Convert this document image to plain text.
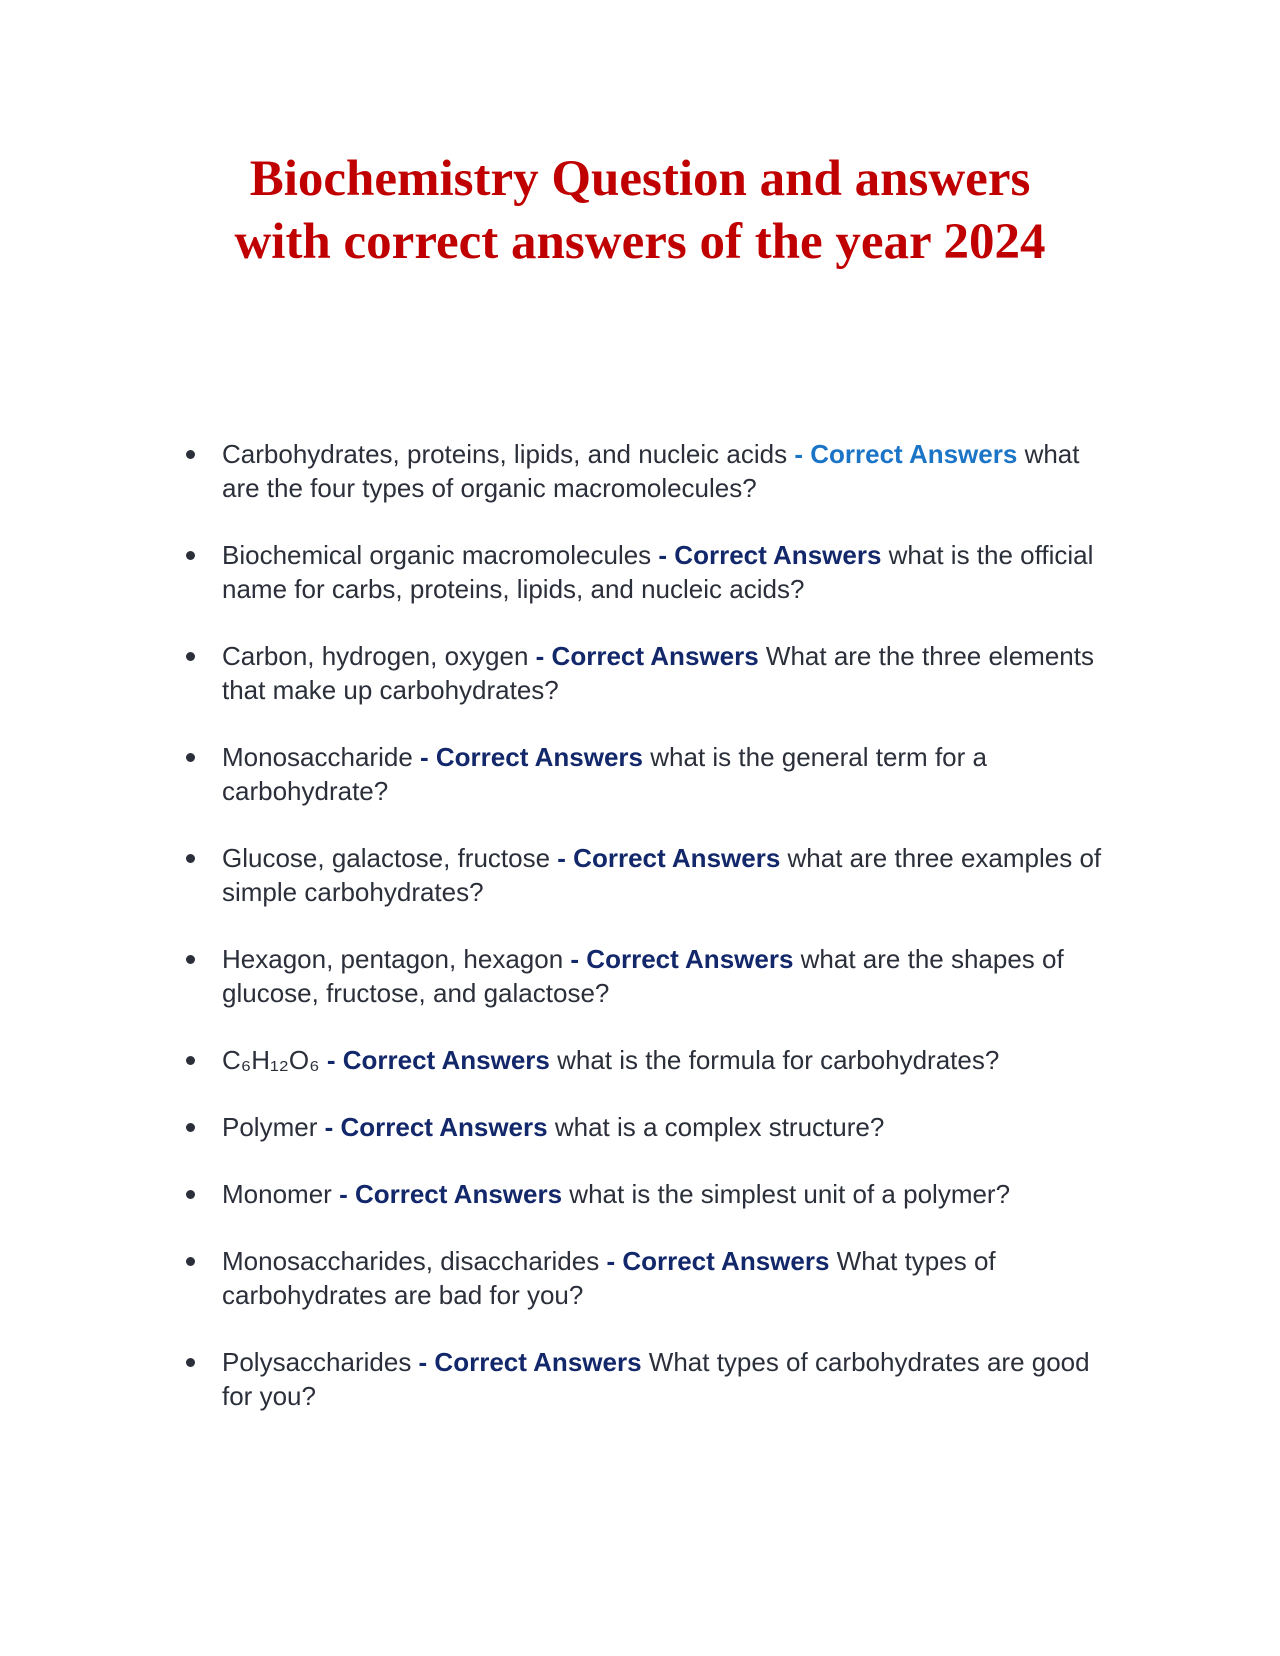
Biochemistry Question and answers
with correct answers of the year 2024
Carbohydrates, proteins, lipids, and nucleic acids - Correct Answers what are the four types of organic macromolecules?
Biochemical organic macromolecules - Correct Answers what is the official name for carbs, proteins, lipids, and nucleic acids?
Carbon, hydrogen, oxygen - Correct Answers What are the three elements that make up carbohydrates?
Monosaccharide - Correct Answers what is the general term for a carbohydrate?
Glucose, galactose, fructose - Correct Answers what are three examples of simple carbohydrates?
Hexagon, pentagon, hexagon - Correct Answers what are the shapes of glucose, fructose, and galactose?
C₆H₁₂O₆ - Correct Answers what is the formula for carbohydrates?
Polymer - Correct Answers what is a complex structure?
Monomer - Correct Answers what is the simplest unit of a polymer?
Monosaccharides, disaccharides - Correct Answers What types of carbohydrates are bad for you?
Polysaccharides - Correct Answers What types of carbohydrates are good for you?
